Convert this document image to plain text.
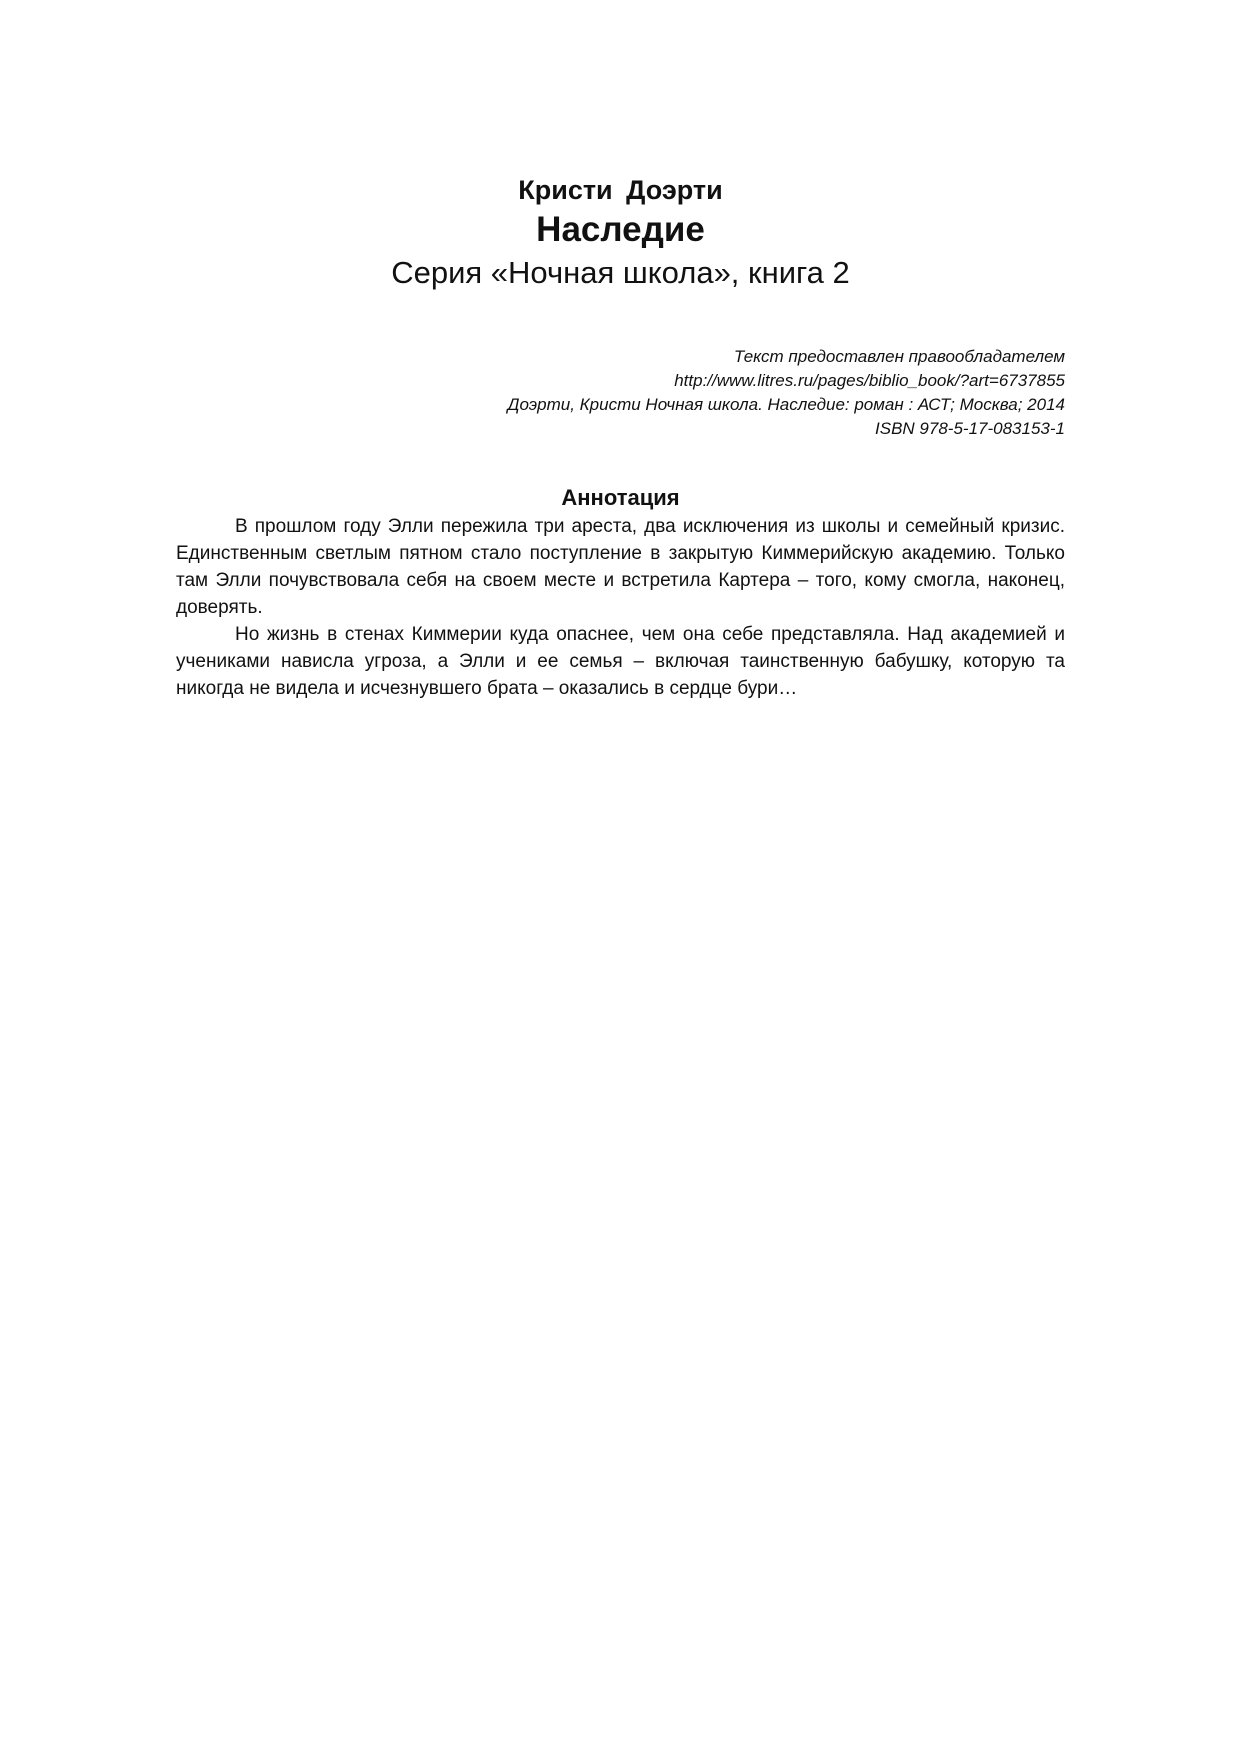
Кристи Доэрти
Наследие
Серия «Ночная школа», книга 2
Текст предоставлен правообладателем
http://www.litres.ru/pages/biblio_book/?art=6737855
Доэрти, Кристи Ночная школа. Наследие: роман : АСТ; Москва; 2014
ISBN 978-5-17-083153-1
Аннотация

В прошлом году Элли пережила три ареста, два исключения из школы и семейный кризис. Единственным светлым пятном стало поступление в закрытую Киммерийскую академию. Только там Элли почувствовала себя на своем месте и встретила Картера – того, кому смогла, наконец, доверять.

Но жизнь в стенах Киммерии куда опаснее, чем она себе представляла. Над академией и учениками нависла угроза, а Элли и ее семья – включая таинственную бабушку, которую та никогда не видела и исчезнувшего брата – оказались в сердце бури…
